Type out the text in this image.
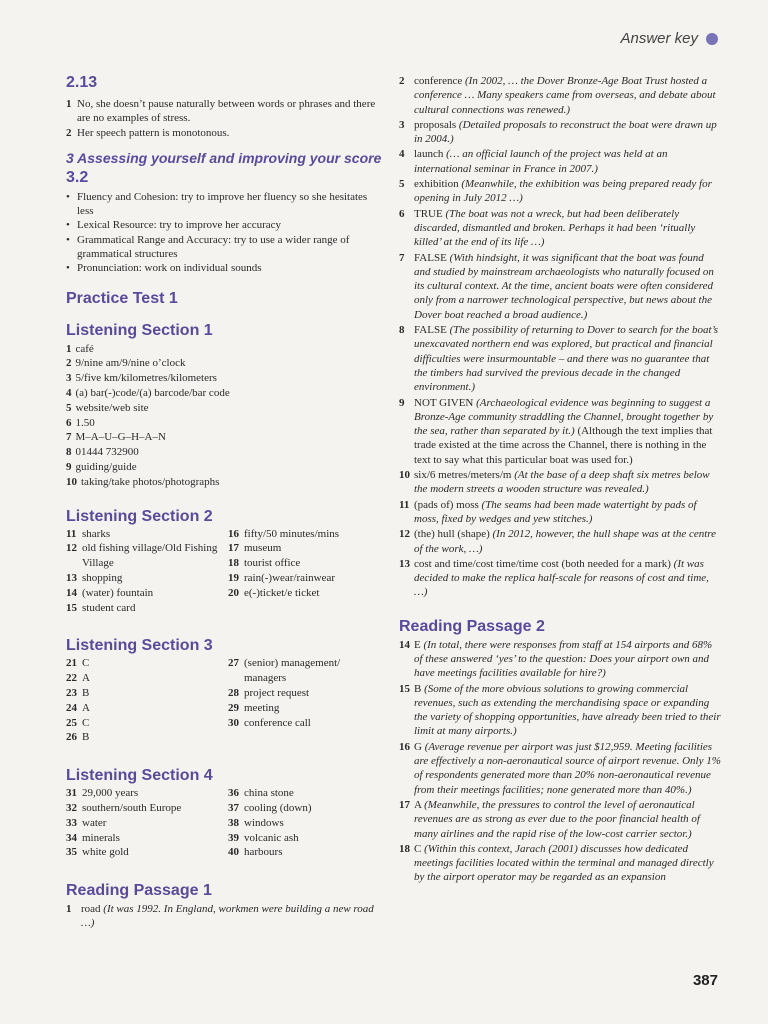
Answer key
2.13
1 No, she doesn’t pause naturally between words or phrases and there are no examples of stress.
2 Her speech pattern is monotonous.
3 Assessing yourself and improving your score
3.2
• Fluency and Cohesion: try to improve her fluency so she hesitates less
• Lexical Resource: try to improve her accuracy
• Grammatical Range and Accuracy: try to use a wider range of grammatical structures
• Pronunciation: work on individual sounds
Practice Test 1
Listening Section 1
1 café
2 9/nine am/9/nine o’clock
3 5/five km/kilometres/kilometers
4 (a) bar(-)code/(a) barcode/bar code
5 website/web site
6 1.50
7 M–A–U–G–H–A–N
8 01444 732900
9 guiding/guide
10 taking/take photos/photographs
Listening Section 2
11 sharks
12 old fishing village/Old Fishing Village
13 shopping
14 (water) fountain
15 student card
16 fifty/50 minutes/mins
17 museum
18 tourist office
19 rain(-)wear/rainwear
20 e(-)ticket/e ticket
Listening Section 3
21 C
22 A
23 B
24 A
25 C
26 B
27 (senior) management/ managers
28 project request
29 meeting
30 conference call
Listening Section 4
31 29,000 years
32 southern/south Europe
33 water
34 minerals
35 white gold
36 china stone
37 cooling (down)
38 windows
39 volcanic ash
40 harbours
Reading Passage 1
1 road (It was 1992. In England, workmen were building a new road …)
2 conference (In 2002, … the Dover Bronze-Age Boat Trust hosted a conference … Many speakers came from overseas, and debate about cultural connections was renewed.)
3 proposals (Detailed proposals to reconstruct the boat were drawn up in 2004.)
4 launch (… an official launch of the project was held at an international seminar in France in 2007.)
5 exhibition (Meanwhile, the exhibition was being prepared ready for opening in July 2012 …)
6 TRUE (The boat was not a wreck, but had been deliberately discarded, dismantled and broken. Perhaps it had been ‘ritually killed’ at the end of its life …)
7 FALSE (With hindsight, it was significant that the boat was found and studied by mainstream archaeologists who naturally focused on its cultural context. At the time, ancient boats were often considered only from a narrower technological perspective, but news about the Dover boat reached a broad audience.)
8 FALSE (The possibility of returning to Dover to search for the boat’s unexcavated northern end was explored, but practical and financial difficulties were insurmountable – and there was no guarantee that the timbers had survived the previous decade in the changed environment.)
9 NOT GIVEN (Archaeological evidence was beginning to suggest a Bronze-Age community straddling the Channel, brought together by the sea, rather than separated by it.) (Although the text implies that trade existed at the time across the Channel, there is nothing in the text to say what this particular boat was used for.)
10 six/6 metres/meters/m (At the base of a deep shaft six metres below the modern streets a wooden structure was revealed.)
11 (pads of) moss (The seams had been made watertight by pads of moss, fixed by wedges and yew stitches.)
12 (the) hull (shape) (In 2012, however, the hull shape was at the centre of the work, …)
13 cost and time/cost time/time cost (both needed for a mark) (It was decided to make the replica half-scale for reasons of cost and time, …)
Reading Passage 2
14 E (In total, there were responses from staff at 154 airports and 68% of these answered ‘yes’ to the question: Does your airport own and have meetings facilities available for hire?)
15 B (Some of the more obvious solutions to growing commercial revenues, such as extending the merchandising space or expanding the variety of shopping opportunities, have already been tried to their limit at many airports.)
16 G (Average revenue per airport was just $12,959. Meeting facilities are effectively a non-aeronautical source of airport revenue. Only 1% of respondents generated more than 20% non-aeronautical revenue from their meetings facilities; none generated more than 40%.)
17 A (Meanwhile, the pressures to control the level of aeronautical revenues are as strong as ever due to the poor financial health of many airlines and the rapid rise of the low-cost carrier sector.)
18 C (Within this context, Jarach (2001) discusses how dedicated meetings facilities located within the terminal and managed directly by the airport operator may be regarded as an expansion
387
